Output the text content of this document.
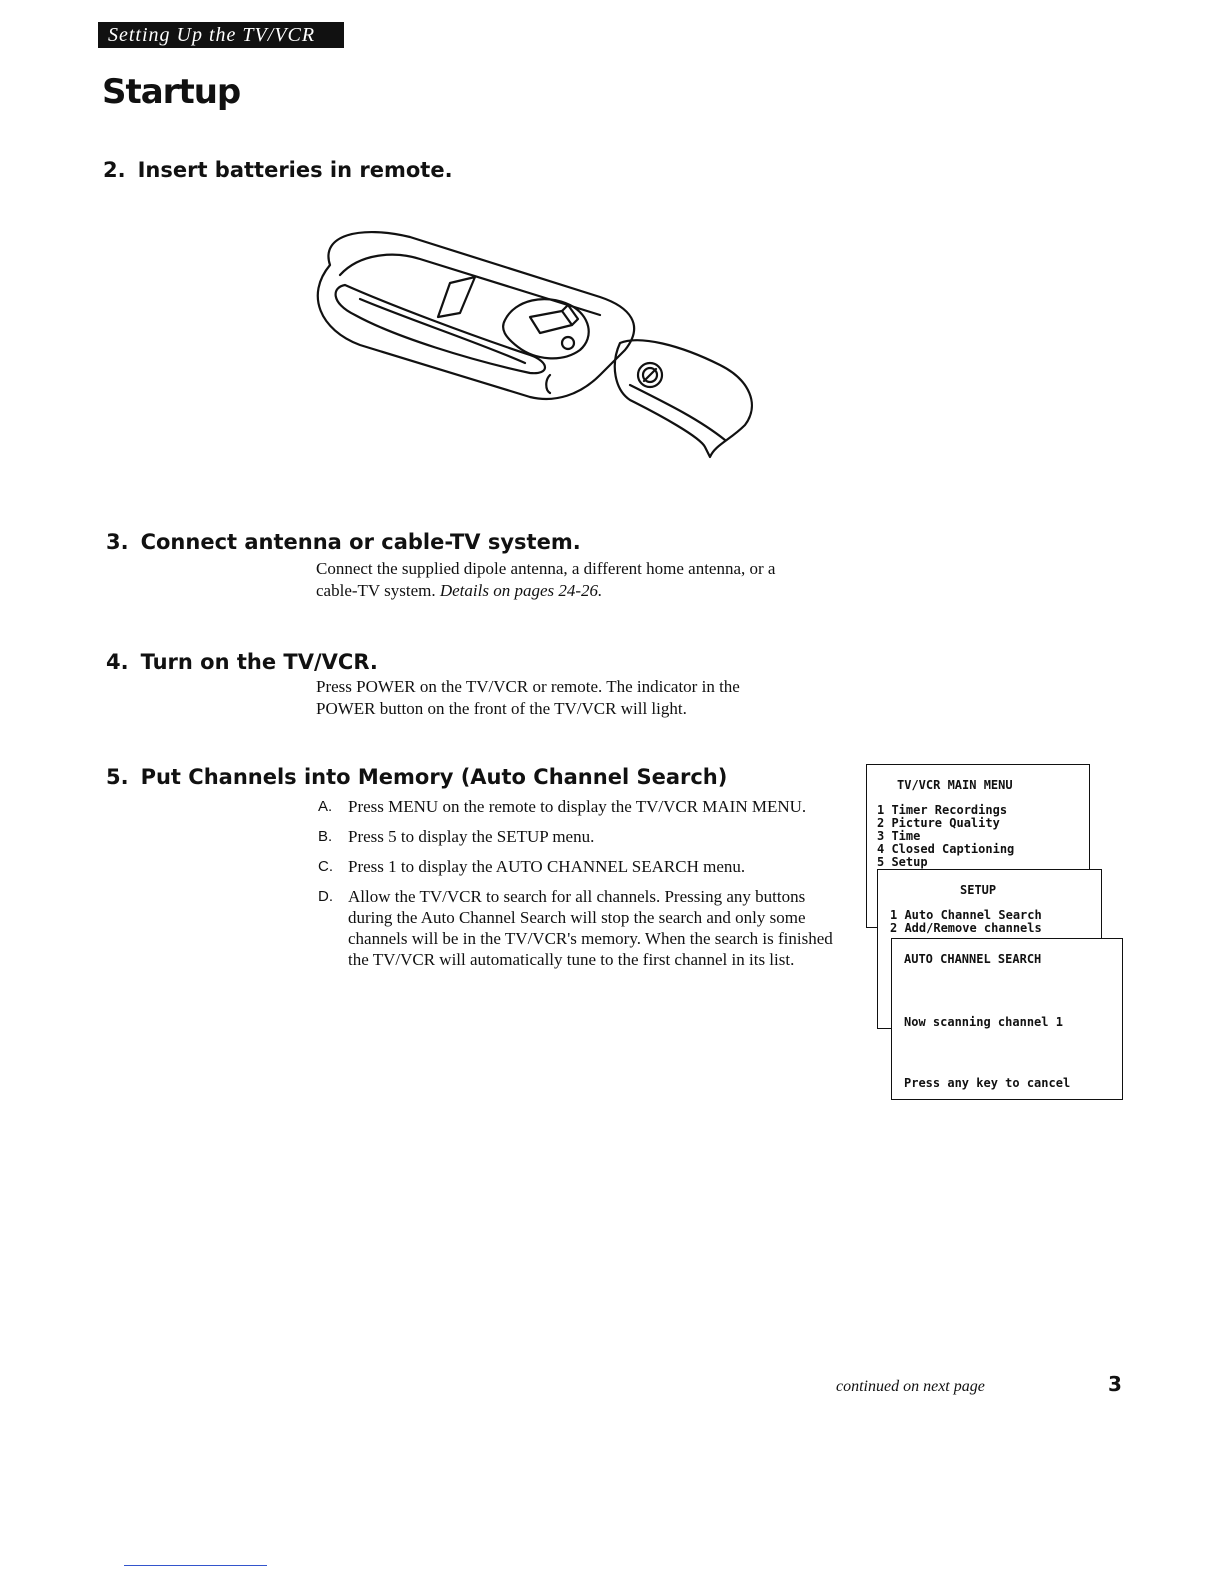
Setting Up the TV/VCR
Startup
2. Insert batteries in remote.
3. Connect antenna or cable-TV system.
Connect the supplied dipole antenna, a different home antenna, or a
cable-TV system. Details on pages 24-26.
4. Turn on the TV/VCR.
Press POWER on the TV/VCR or remote. The indicator in the
POWER button on the front of the TV/VCR will light.
5. Put Channels into Memory (Auto Channel Search)
A. Press MENU on the remote to display the TV/VCR MAIN MENU.
B. Press 5 to display the SETUP menu.
C. Press 1 to display the AUTO CHANNEL SEARCH menu.
D. Allow the TV/VCR to search for all channels. Pressing any buttons during the Auto Channel Search will stop the search and only some channels will be in the TV/VCR's memory. When the search is finished the TV/VCR will automatically tune to the first channel in its list.
TV/VCR MAIN MENU
1 Timer Recordings
2 Picture Quality
3 Time
4 Closed Captioning
5 Setup
SETUP
1 Auto Channel Search
2 Add/Remove channels
AUTO CHANNEL SEARCH
Now scanning channel 1
Press any key to cancel
continued on next page	3
